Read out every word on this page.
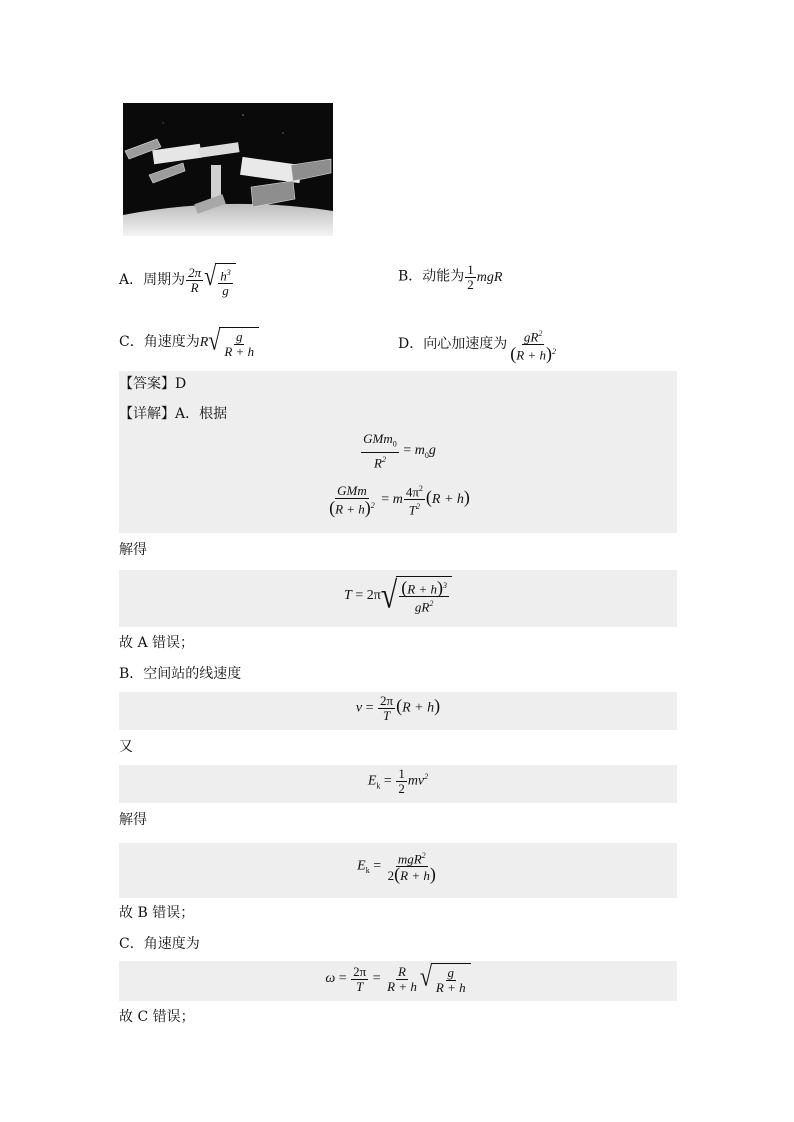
A．周期为 $\frac{2\pi}{R}$ √ $\frac{h^3}{g}$	B．动能为 $\frac{1}{2}$ mgR
C．角速度为R √ $\frac{g}{R + h}$	D．向心加速度为 $\frac{gR^2}{(R + h)^2}$
【答案】D
【详解】A．根据
$\frac{GMm_0}{R^2} = m_0g$
$\frac{\text{GMm}}{(R + h)^2} = m \frac{4\pi^2}{T^2} (R + h)$
解得
T = 2π √ $\frac{(R + h)^3}{gR^2}$
故 A 错误；
B．空间站的线速度
$v = \frac{2\pi}{T} (R + h)$
又
$E_k = \frac{1}{2} mv^2$
解得
$E_k = \frac{mgR^2}{2(R + h)}$
故 B 错误；
C．角速度为
$\omega = \frac{2\pi}{T} = \frac{R}{R + h}$ √ $\frac{g}{R + h}$
故 C 错误；
